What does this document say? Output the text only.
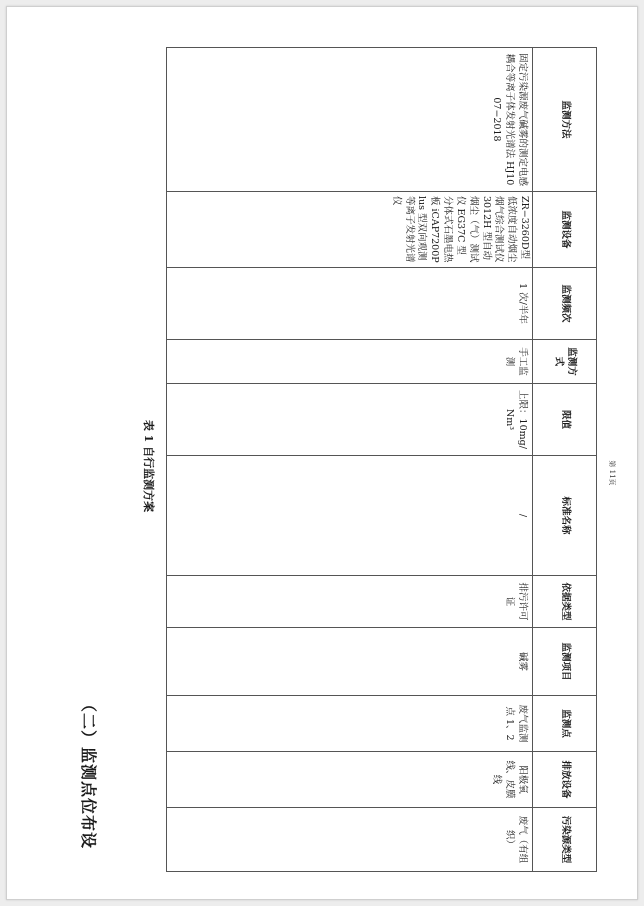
（二）监测点位布设
表 1 自行监测方案	第 11页
污染源类型	排放设备	监测点	监测项目	依据类型	标准名称	限值	监测方式	监测频次	监测设备	监测方法
废气（有组织）	阳极氧线、皮膜线	废气监测点 1、2	碱雾	排污许可证	/	上限：10mg/Nm³	手工监测	1 次/半年	ZR−3260D型低浓度自动烟尘烟气综合测试仪 3012H 型自动烟尘（气）测试仪 EG37C 型分体式石墨电热板 iCAP7200Plus 型双向观测等离子发射光谱仪	固定污染源废气碱雾的测定电感耦合等离子体发射光谱法 HJ1007−2018
